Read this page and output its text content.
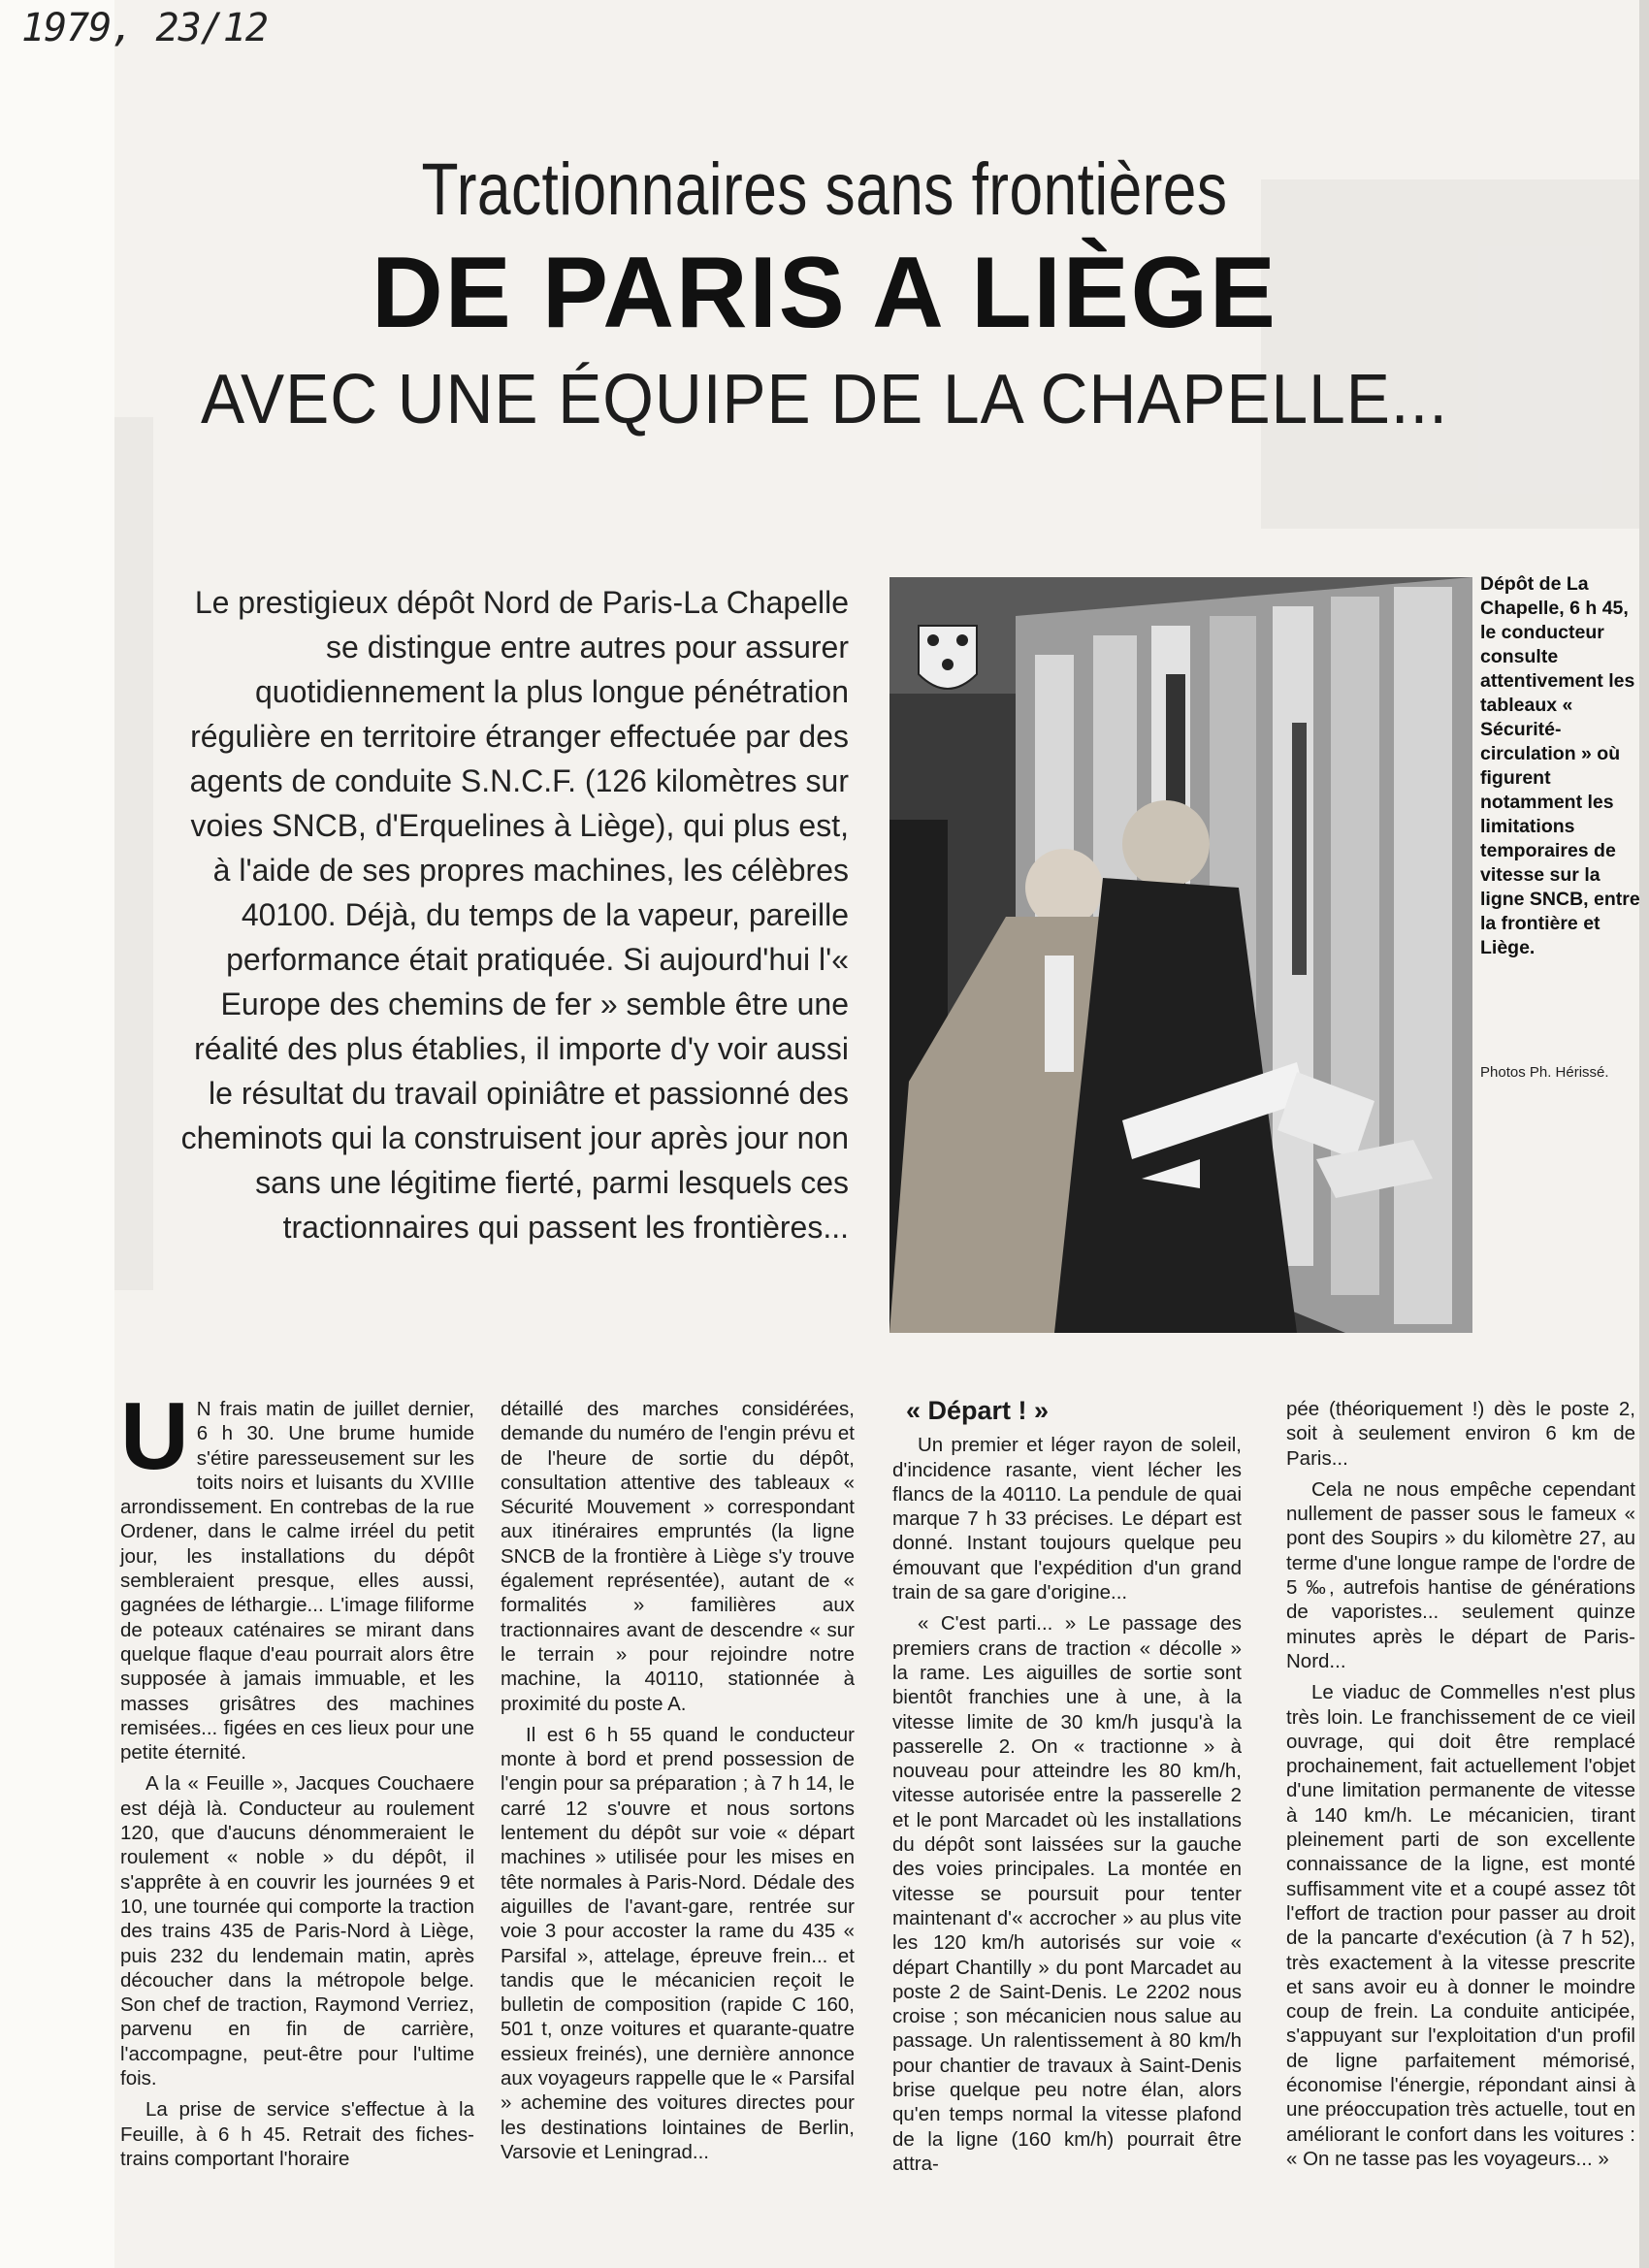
1979, 23/12
Tractionnaires sans frontières
DE PARIS A LIÈGE
AVEC UNE ÉQUIPE DE LA CHAPELLE...
Le prestigieux dépôt Nord de Paris-La Chapelle se distingue entre autres pour assurer quotidiennement la plus longue pénétration régulière en territoire étranger effectuée par des agents de conduite S.N.C.F. (126 kilomètres sur voies SNCB, d'Erquelines à Liège), qui plus est, à l'aide de ses propres machines, les célèbres 40100. Déjà, du temps de la vapeur, pareille performance était pratiquée. Si aujourd'hui l'« Europe des chemins de fer » semble être une réalité des plus établies, il importe d'y voir aussi le résultat du travail opiniâtre et passionné des cheminots qui la construisent jour après jour non sans une légitime fierté, parmi lesquels ces tractionnaires qui passent les frontières...
Dépôt de La Chapelle, 6 h 45, le conducteur consulte attentivement les tableaux « Sécurité-circulation » où figurent notamment les limitations temporaires de vitesse sur la ligne SNCB, entre la frontière et Liège.
Photos Ph. Hérissé.
U N frais matin de juillet dernier, 6 h 30. Une brume humide s'étire paresseusement sur les toits noirs et luisants du XVIIIe arrondissement. En contrebas de la rue Ordener, dans le calme irréel du petit jour, les installations du dépôt sembleraient presque, elles aussi, gagnées de léthargie... L'image filiforme de poteaux caténaires se mirant dans quelque flaque d'eau pourrait alors être supposée à jamais immuable, et les masses grisâtres des machines remisées... figées en ces lieux pour une petite éternité.

A la « Feuille », Jacques Couchaere est déjà là. Conducteur au roulement 120, que d'aucuns dénommeraient le roulement « noble » du dépôt, il s'apprête à en couvrir les journées 9 et 10, une tournée qui comporte la traction des trains 435 de Paris-Nord à Liège, puis 232 du lendemain matin, après découcher dans la métropole belge. Son chef de traction, Raymond Verriez, parvenu en fin de carrière, l'accompagne, peut-être pour l'ultime fois.

La prise de service s'effectue à la Feuille, à 6 h 45. Retrait des fiches-trains comportant l'horaire

détaillé des marches considérées, demande du numéro de l'engin prévu et de l'heure de sortie du dépôt, consultation attentive des tableaux « Sécurité Mouvement » correspondant aux itinéraires empruntés (la ligne SNCB de la frontière à Liège s'y trouve également représentée), autant de « formalités » familières aux tractionnaires avant de descendre « sur le terrain » pour rejoindre notre machine, la 40110, stationnée à proximité du poste A.

Il est 6 h 55 quand le conducteur monte à bord et prend possession de l'engin pour sa préparation ; à 7 h 14, le carré 12 s'ouvre et nous sortons lentement du dépôt sur voie « départ machines » utilisée pour les mises en tête normales à Paris-Nord. Dédale des aiguilles de l'avant-gare, rentrée sur voie 3 pour accoster la rame du 435 « Parsifal », attelage, épreuve frein... et tandis que le mécanicien reçoit le bulletin de composition (rapide C 160, 501 t, onze voitures et quarante-quatre essieux freinés), une dernière annonce aux voyageurs rappelle que le « Parsifal » achemine des voitures directes pour les destinations lointaines de Berlin, Varsovie et Leningrad...

« Départ ! »

Un premier et léger rayon de soleil, d'incidence rasante, vient lécher les flancs de la 40110. La pendule de quai marque 7 h 33 précises. Le départ est donné. Instant toujours quelque peu émouvant que l'expédition d'un grand train de sa gare d'origine...

« C'est parti... » Le passage des premiers crans de traction « décolle » la rame. Les aiguilles de sortie sont bientôt franchies une à une, à la vitesse limite de 30 km/h jusqu'à la passerelle 2. On « tractionne » à nouveau pour atteindre les 80 km/h, vitesse autorisée entre la passerelle 2 et le pont Marcadet où les installations du dépôt sont laissées sur la gauche des voies principales. La montée en vitesse se poursuit pour tenter maintenant d'« accrocher » au plus vite les 120 km/h autorisés sur voie « départ Chantilly » du pont Marcadet au poste 2 de Saint-Denis. Le 2202 nous croise ; son mécanicien nous salue au passage. Un ralentissement à 80 km/h pour chantier de travaux à Saint-Denis brise quelque peu notre élan, alors qu'en temps normal la vitesse plafond de la ligne (160 km/h) pourrait être attra-

pée (théoriquement !) dès le poste 2, soit à seulement environ 6 km de Paris...

Cela ne nous empêche cependant nullement de passer sous le fameux « pont des Soupirs » du kilomètre 27, au terme d'une longue rampe de l'ordre de 5 ‰, autrefois hantise de générations de vaporistes... seulement quinze minutes après le départ de Paris-Nord...

Le viaduc de Commelles n'est plus très loin. Le franchissement de ce vieil ouvrage, qui doit être remplacé prochainement, fait actuellement l'objet d'une limitation permanente de vitesse à 140 km/h. Le mécanicien, tirant pleinement parti de son excellente connaissance de la ligne, est monté suffisamment vite et a coupé assez tôt l'effort de traction pour passer au droit de la pancarte d'exécution (à 7 h 52), très exactement à la vitesse prescrite et sans avoir eu à donner le moindre coup de frein. La conduite anticipée, s'appuyant sur l'exploitation d'un profil de ligne parfaitement mémorisé, économise l'énergie, répondant ainsi à une préoccupation très actuelle, tout en améliorant le confort dans les voitures : « On ne tasse pas les voyageurs... »
